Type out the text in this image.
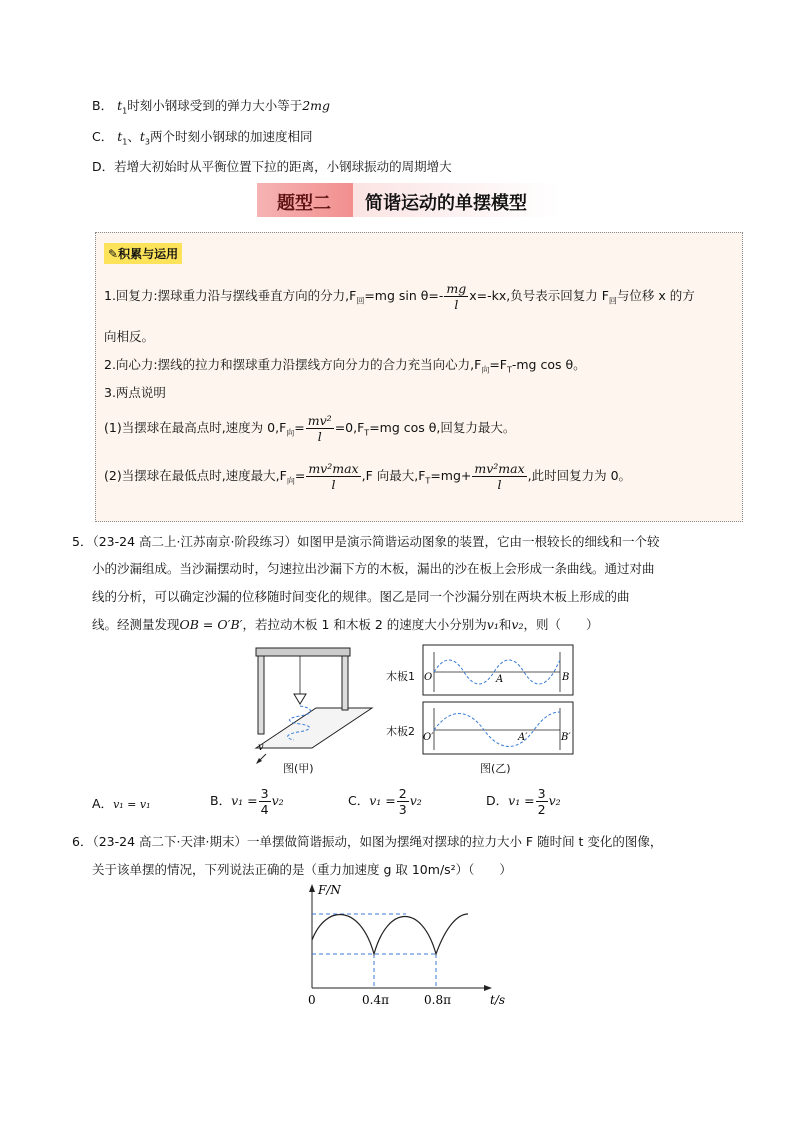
B． $t_1$时刻小钢球受到的弹力大小等于2mg
C． $t_1$、$t_3$两个时刻小钢球的加速度相同
D．若增大初始时从平衡位置下拉的距离，小钢球振动的周期增大
题型二 简谐运动的单摆模型
✎积累与运用
1.回复力:摆球重力沿与摆线垂直方向的分力$,F_回=mg$ $\sin \theta=- \frac{mg}{l} x=-kx$,负号表示回复力 $F_回$与位移 x 的方
向相反。
2.向心力:摆线的拉力和摆球重力沿摆线方向分力的合力充当向心力$,F_向=F_T-mg$ cos θ。
3.两点说明
(1)当摆球在最高点时,速度为 $0,F_向= \frac{\text{mv²}}{l} =0,F_T=mg$ cos θ,回复力最大。
(2)当摆球在最低点时,速度最大$,F_向= \frac{\text{mv²max}}{l} ,F$ 向最大$,F_T=mg+ \frac{\text{mv²max}}{l}$ ,此时回复力为 0。
5．（23-24 高二上·江苏南京·阶段练习）如图甲是演示简谐运动图象的装置，它由一根较长的细线和一个较
小的沙漏组成。当沙漏摆动时，匀速拉出沙漏下方的木板，漏出的沙在板上会形成一条曲线。通过对曲
线的分析，可以确定沙漏的位移随时间变化的规律。图乙是同一个沙漏分别在两块木板上形成的曲
线。经测量发现OB = O′B′，若拉动木板 1 和木板 2 的速度大小分别为v₁和v₂，则（　　）
v
图(甲)
木板1
木板2
O	A	B
O′	A′	B′
图(乙)
A．v₁ = v₁	B．$v_1 = \frac{3}{4} v_2$	C．$v_1 = \frac{2}{3} v_2$	D．$v_1 = \frac{3}{2} v_2$
6．（23-24 高二下·天津·期末）一单摆做简谐振动，如图为摆绳对摆球的拉力大小 F 随时间 t 变化的图像，
关于该单摆的情况，下列说法正确的是（重力加速度 g 取 10m/s²）（　　）
F/N
t/s
0	0.4π	0.8π
